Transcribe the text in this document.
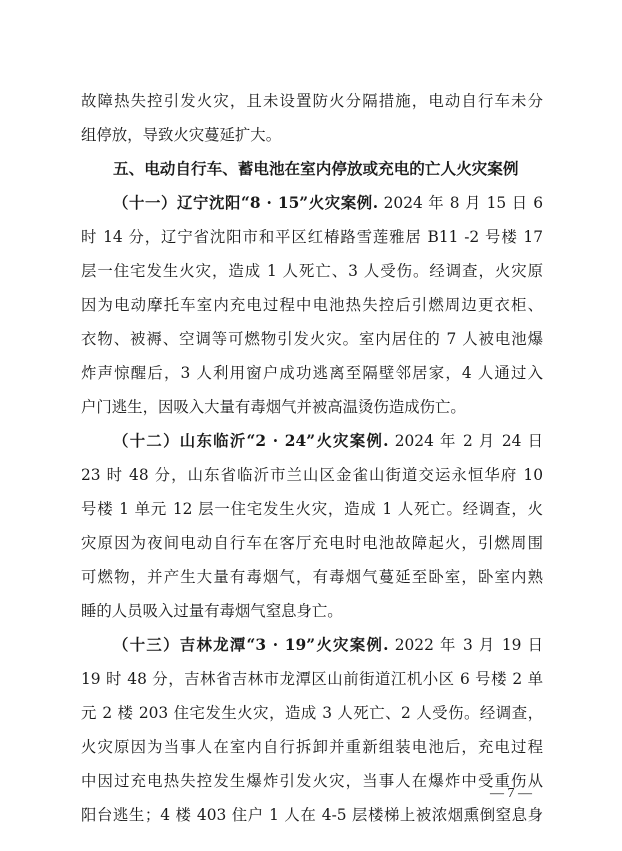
故障热失控引发火灾，且未设置防火分隔措施，电动自行车未分
组停放，导致火灾蔓延扩大。
五、电动自行车、蓄电池在室内停放或充电的亡人火灾案例
（十一）辽宁沈阳“8 · 15”火灾案例. 2024 年 8 月 15 日 6
时 14 分，辽宁省沈阳市和平区红椿路雪莲雅居 B11 -2 号楼 17
层一住宅发生火灾，造成 1 人死亡、3 人受伤。经调查，火灾原
因为电动摩托车室内充电过程中电池热失控后引燃周边更衣柜、
衣物、被褥、空调等可燃物引发火灾。室内居住的 7 人被电池爆
炸声惊醒后，3 人利用窗户成功逃离至隔壁邻居家，4 人通过入
户门逃生，因吸入大量有毒烟气并被高温烫伤造成伤亡。
（十二）山东临沂“2 · 24”火灾案例. 2024 年 2 月 24 日
23 时 48 分，山东省临沂市兰山区金雀山街道交运永恒华府 10
号楼 1 单元 12 层一住宅发生火灾，造成 1 人死亡。经调查，火
灾原因为夜间电动自行车在客厅充电时电池故障起火，引燃周围
可燃物，并产生大量有毒烟气，有毒烟气蔓延至卧室，卧室内熟
睡的人员吸入过量有毒烟气窒息身亡。
（十三）吉林龙潭“3 · 19”火灾案例. 2022 年 3 月 19 日
19 时 48 分，吉林省吉林市龙潭区山前街道江机小区 6 号楼 2 单
元 2 楼 203 住宅发生火灾，造成 3 人死亡、2 人受伤。经调查，
火灾原因为当事人在室内自行拆卸并重新组装电池后，充电过程
中因过充电热失控发生爆炸引发火灾，当事人在爆炸中受重伤从
阳台逃生；4 楼 403 住户 1 人在 4-5 层楼梯上被浓烟熏倒窒息身
— 7 —
